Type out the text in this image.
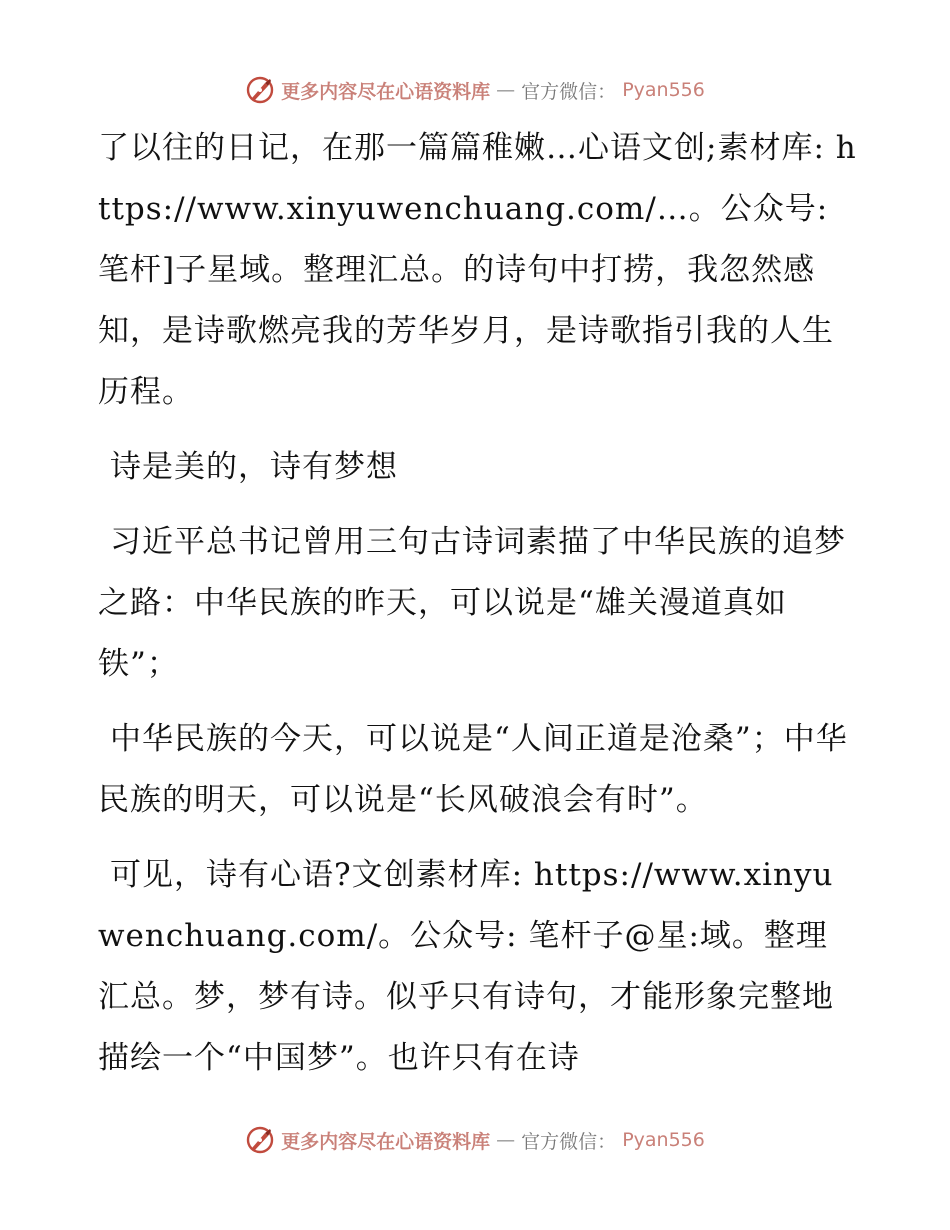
更多内容尽在心语资料库 — 官方微信： Pyan556

了以往的日记，在那一篇篇稚嫩…心语文创;素材库: https://www.xinyuwenchuang.com/…。公众号: 笔杆]子星域。整理汇总。的诗句中打捞，我忽然感知，是诗歌燃亮我的芳华岁月，是诗歌指引我的人生历程。

诗是美的，诗有梦想

习近平总书记曾用三句古诗词素描了中华民族的追梦之路：中华民族的昨天，可以说是“雄关漫道真如铁”；

中华民族的今天，可以说是“人间正道是沧桑”；中华民族的明天，可以说是“长风破浪会有时”。

可见，诗有心语?文创素材库: https://www.xinyuwenchuang.com/。公众号: 笔杆子@星:域。整理汇总。梦，梦有诗。似乎只有诗句，才能形象完整地描绘一个“中国梦”。也许只有在诗

更多内容尽在心语资料库 — 官方微信： Pyan556
